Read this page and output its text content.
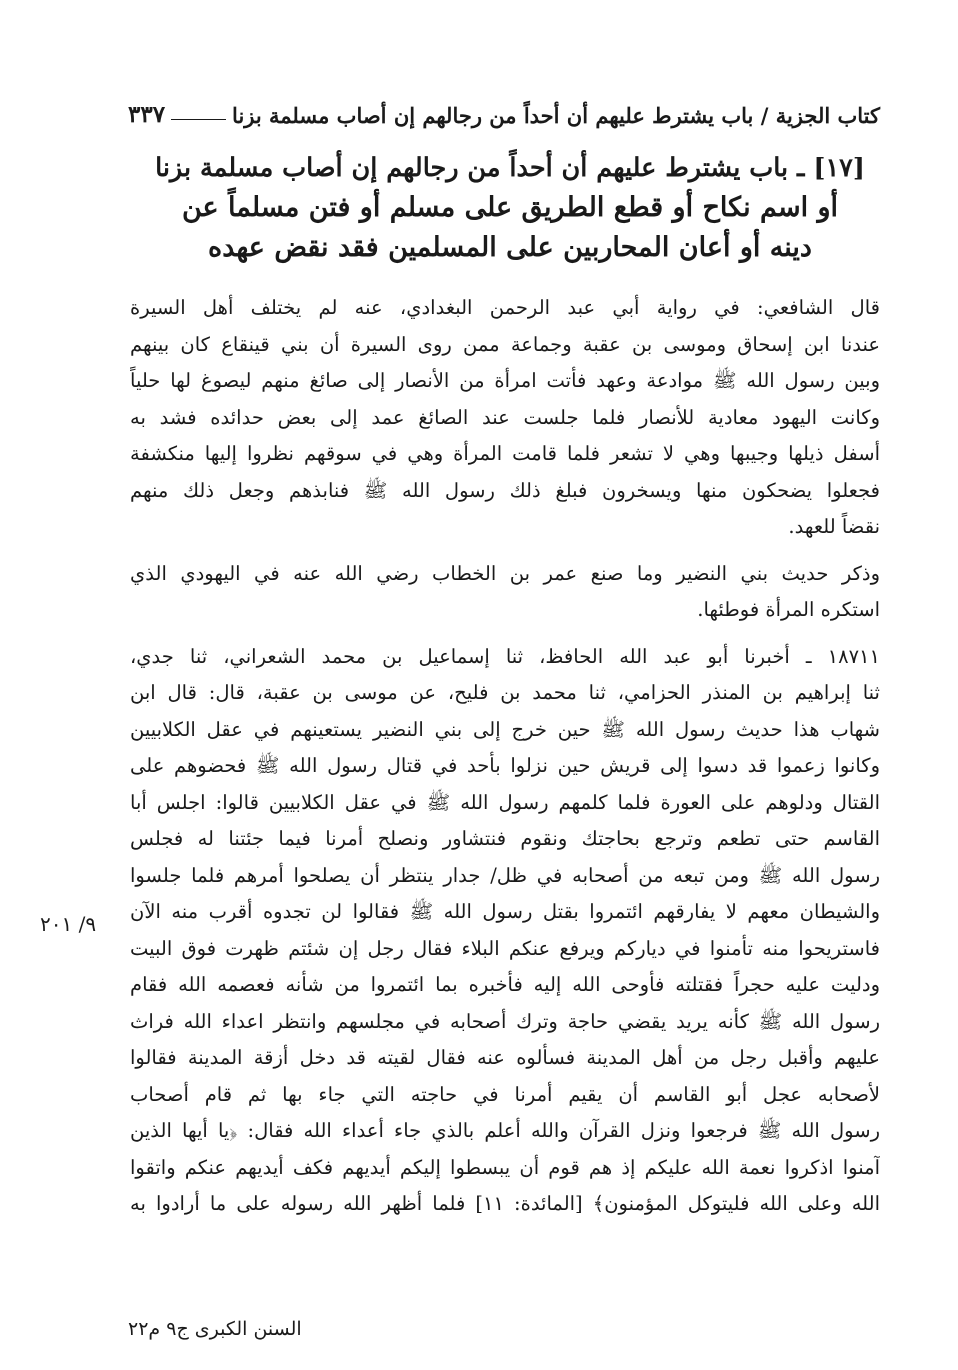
كتاب الجزية / باب يشترط عليهم أن أحداً من رجالهم إن أصاب مسلمة بزنا
٣٣٧
[١٧] ـ باب يشترط عليهم أن أحداً من رجالهم إن أصاب مسلمة بزنا
أو اسم نكاح أو قطع الطريق على مسلم أو فتن مسلماً عن
دينه أو أعان المحاربين على المسلمين فقد نقض عهده
قال الشافعي: في رواية أبي عبد الرحمن البغدادي، عنه لم يختلف أهل السيرة
عندنا ابن إسحاق وموسى بن عقبة وجماعة ممن روى السيرة أن بني قينقاع كان بينهم
وبين رسول الله ﷺ موادعة وعهد فأتت امرأة من الأنصار إلى صائغ منهم ليصوغ لها حلياً
وكانت اليهود معادية للأنصار فلما جلست عند الصائغ عمد إلى بعض حدائده فشد به
أسفل ذيلها وجيبها وهي لا تشعر فلما قامت المرأة وهي في سوقهم نظروا إليها منكشفة
فجعلوا يضحكون منها ويسخرون فبلغ ذلك رسول الله ﷺ فنابذهم وجعل ذلك منهم
نقضاً للعهد.
وذكر حديث بني النضير وما صنع عمر بن الخطاب رضي الله عنه في اليهودي الذي
استكره المرأة فوطئها.
١٨٧١١ ـ أخبرنا أبو عبد الله الحافظ، ثنا إسماعيل بن محمد الشعراني، ثنا جدي،
ثنا إبراهيم بن المنذر الحزامي، ثنا محمد بن فليح، عن موسى بن عقبة، قال: قال ابن
شهاب هذا حديث رسول الله ﷺ حين خرج إلى بني النضير يستعينهم في عقل الكلابيين
وكانوا زعموا قد دسوا إلى قريش حين نزلوا بأحد في قتال رسول الله ﷺ فحضوهم على
القتال ودلوهم على العورة فلما كلمهم رسول الله ﷺ في عقل الكلابيين قالوا: اجلس أبا
القاسم حتى تطعم وترجع بحاجتك ونقوم فنتشاور ونصلح أمرنا فيما جئتنا له فجلس
رسول الله ﷺ ومن تبعه من أصحابه في ظل/ جدار ينتظر أن يصلحوا أمرهم فلما جلسوا
والشيطان معهم لا يفارقهم ائتمروا بقتل رسول الله ﷺ فقالوا لن تجدوه أقرب منه الآن
فاستريحوا منه تأمنوا في دياركم ويرفع عنكم البلاء فقال رجل إن شئتم ظهرت فوق البيت
ودليت عليه حجراً فقتلته فأوحى الله إليه فأخبره بما ائتمروا من شأنه فعصمه الله فقام
رسول الله ﷺ كأنه يريد يقضي حاجة وترك أصحابه في مجلسهم وانتظر اعداء الله فراث
عليهم وأقبل رجل من أهل المدينة فسألوه عنه فقال لقيته قد دخل أزقة المدينة فقالوا
لأصحابه عجل أبو القاسم أن يقيم أمرنا في حاجته التي جاء بها ثم قام أصحاب
رسول الله ﷺ فرجعوا ونزل القرآن والله أعلم بالذي جاء أعداء الله فقال: ﴿يا أيها الذين
آمنوا اذكروا نعمة الله عليكم إذ هم قوم أن يبسطوا إليكم أيديهم فكف أيديهم عنكم واتقوا
الله وعلى الله فليتوكل المؤمنون﴾ [المائدة: ١١] فلما أظهر الله رسوله على ما أرادوا به
٩/ ٢٠١
السنن الكبرى ج٩ م٢٢
